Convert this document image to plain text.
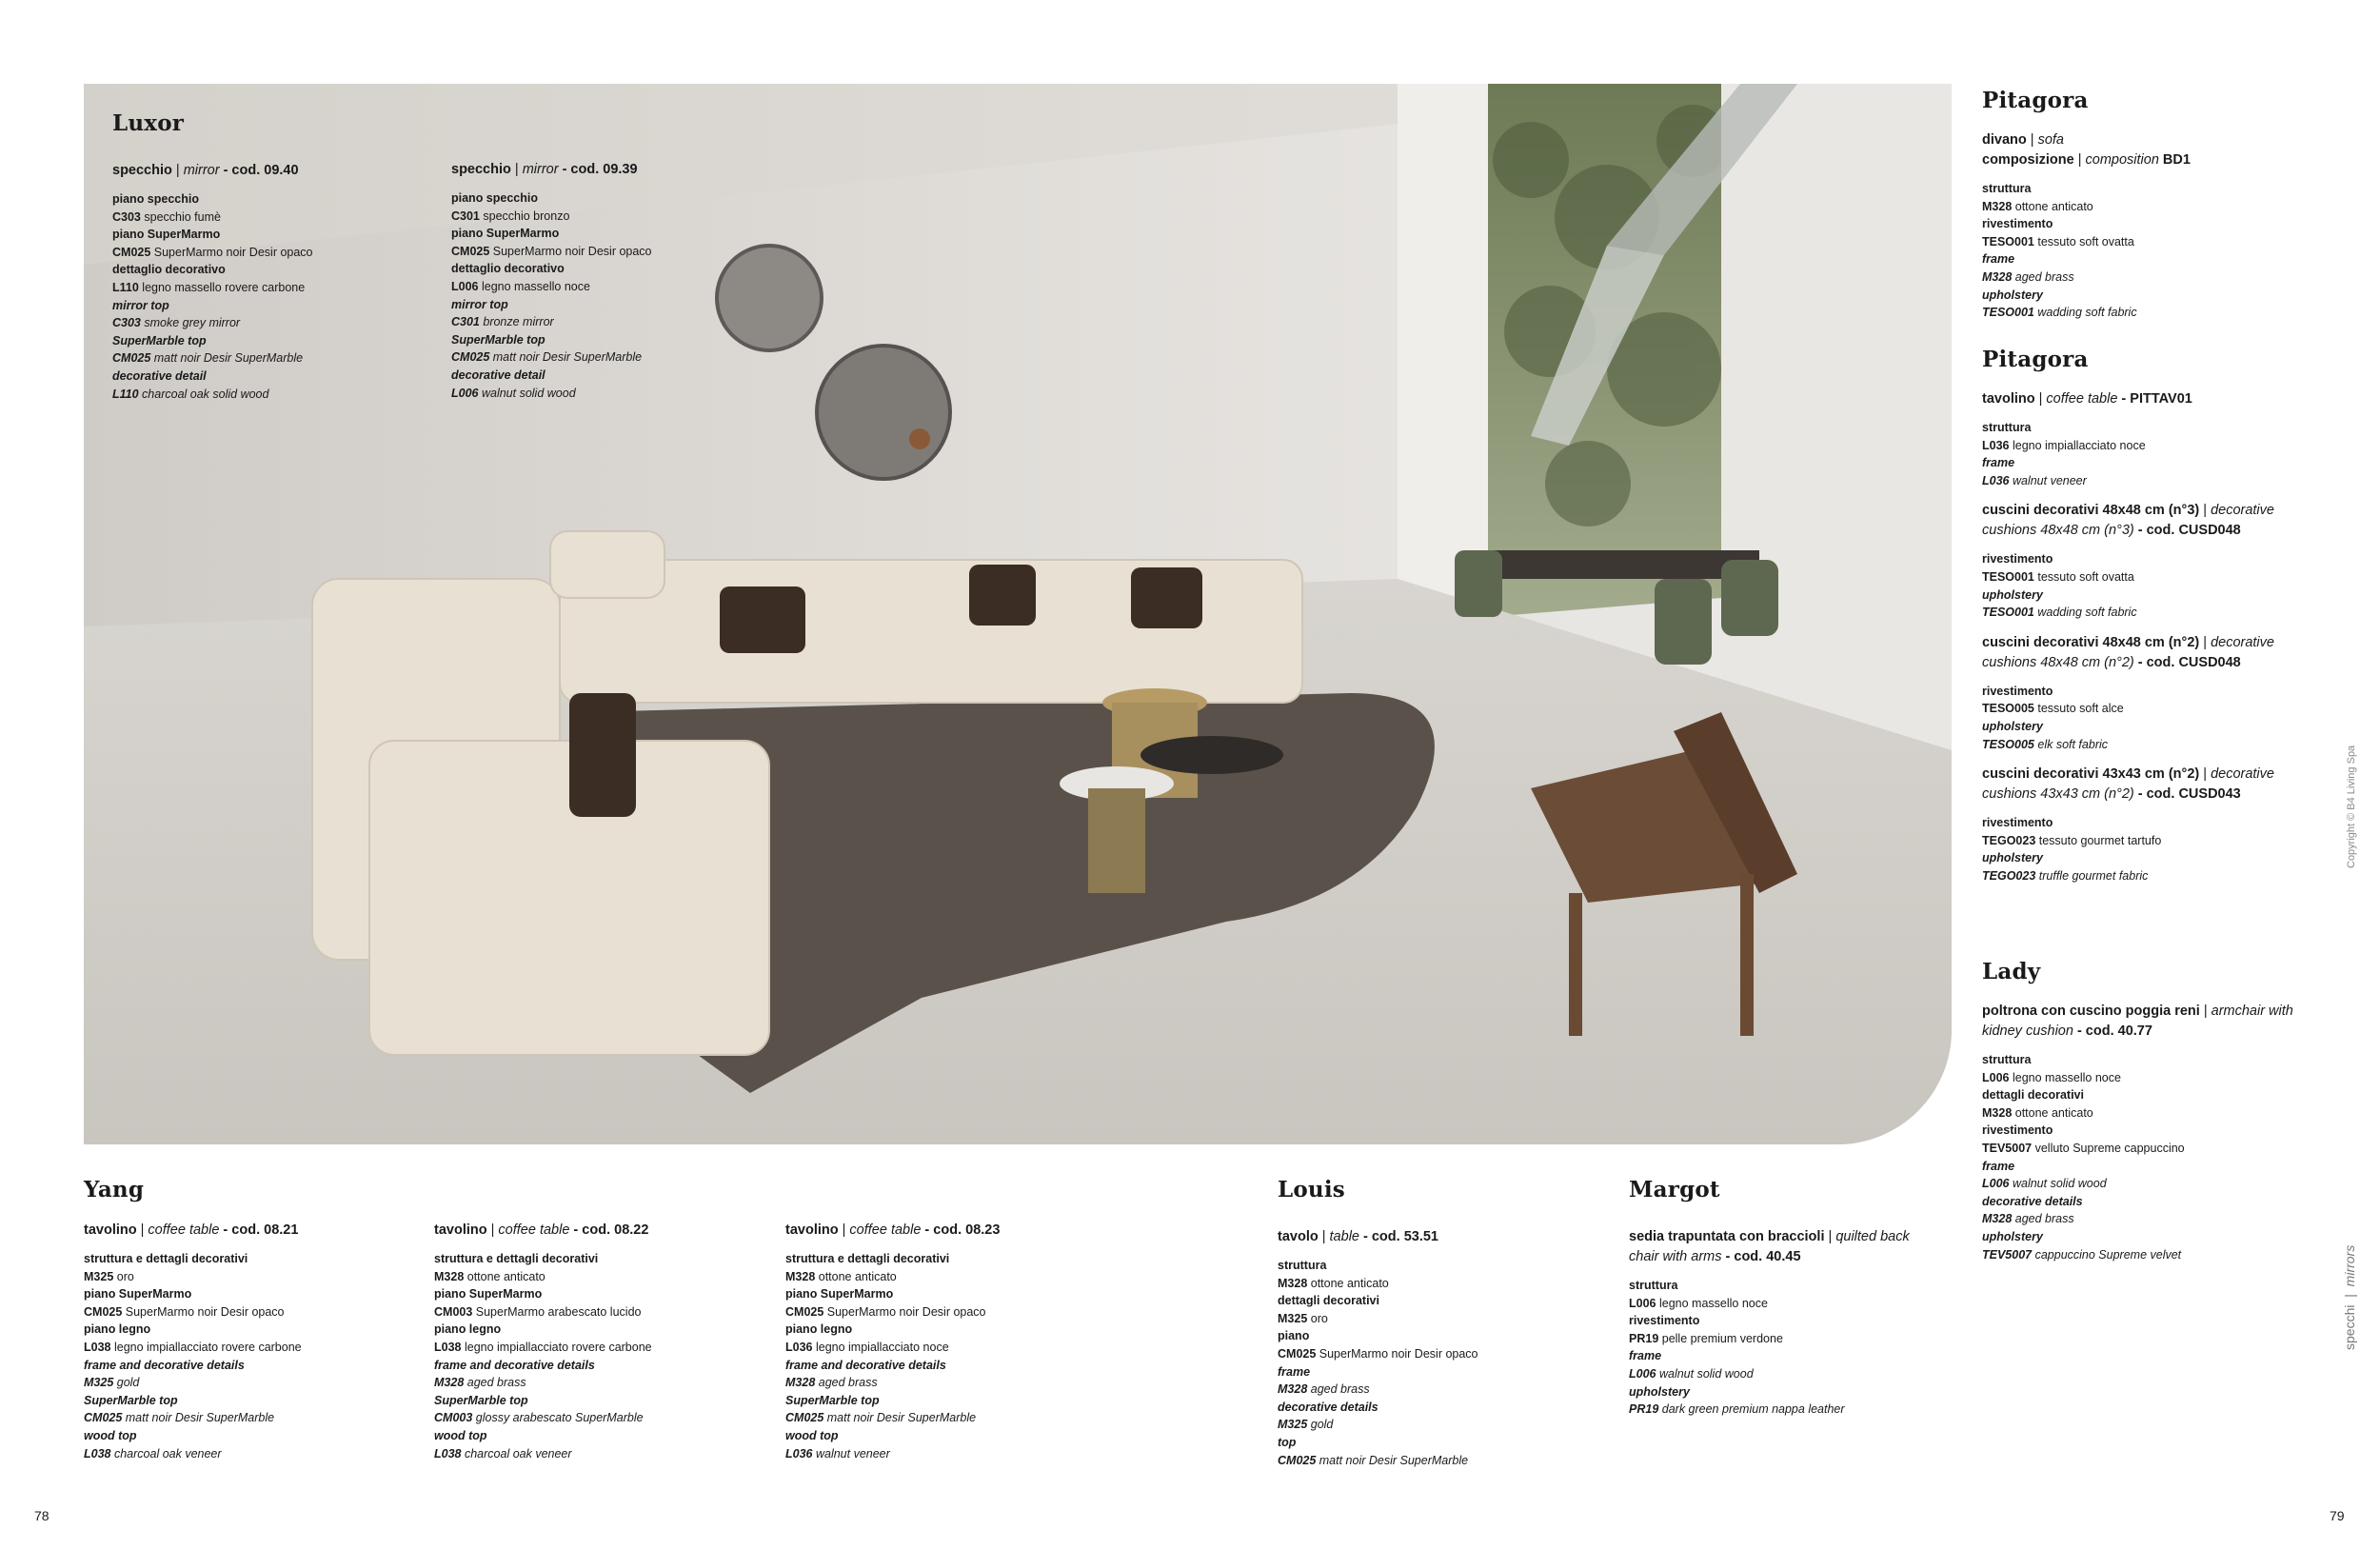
Luxor
specchio | mirror - cod. 09.40
piano specchio
C303 specchio fumè
piano SuperMarmo
CM025 SuperMarmo noir Desir opaco
dettaglio decorativo
L110 legno massello rovere carbone
mirror top
C303 smoke grey mirror
SuperMarble top
CM025 matt noir Desir SuperMarble
decorative detail
L110 charcoal oak solid wood
specchio | mirror - cod. 09.39
piano specchio
C301 specchio bronzo
piano SuperMarmo
CM025 SuperMarmo noir Desir opaco
dettaglio decorativo
L006 legno massello noce
mirror top
C301 bronze mirror
SuperMarble top
CM025 matt noir Desir SuperMarble
decorative detail
L006 walnut solid wood
Yang
tavolino | coffee table - cod. 08.21
struttura e dettagli decorativi
M325 oro
piano SuperMarmo
CM025 SuperMarmo noir Desir opaco
piano legno
L038 legno impiallacciato rovere carbone
frame and decorative details
M325 gold
SuperMarble top
CM025 matt noir Desir SuperMarble
wood top
L038 charcoal oak veneer
tavolino | coffee table - cod. 08.22
struttura e dettagli decorativi
M328 ottone anticato
piano SuperMarmo
CM003 SuperMarmo arabescato lucido
piano legno
L038 legno impiallacciato rovere carbone
frame and decorative details
M328 aged brass
SuperMarble top
CM003 glossy arabescato SuperMarble
wood top
L038 charcoal oak veneer
tavolino | coffee table - cod. 08.23
struttura e dettagli decorativi
M328 ottone anticato
piano SuperMarmo
CM025 SuperMarmo noir Desir opaco
piano legno
L036 legno impiallacciato noce
frame and decorative details
M328 aged brass
SuperMarble top
CM025 matt noir Desir SuperMarble
wood top
L036 walnut veneer
Louis
tavolo | table - cod. 53.51
struttura
M328 ottone anticato
dettagli decorativi
M325 oro
piano
CM025 SuperMarmo noir Desir opaco
frame
M328 aged brass
decorative details
M325 gold
top
CM025 matt noir Desir SuperMarble
Margot
sedia trapuntata con braccioli | quilted back chair with arms - cod. 40.45
struttura
L006 legno massello noce
rivestimento
PR19 pelle premium verdone
frame
L006 walnut solid wood
upholstery
PR19 dark green premium nappa leather
Pitagora
divano | sofa
composizione | composition BD1
struttura
M328 ottone anticato
rivestimento
TESO001 tessuto soft ovatta
frame
M328 aged brass
upholstery
TESO001 wadding soft fabric
Pitagora
tavolino | coffee table - PITTAV01
struttura
L036 legno impiallacciato noce
frame
L036 walnut veneer
cuscini decorativi 48x48 cm (n°3) | decorative cushions 48x48 cm (n°3) - cod. CUSD048
rivestimento
TESO001 tessuto soft ovatta
upholstery
TESO001 wadding soft fabric
cuscini decorativi 48x48 cm (n°2) | decorative cushions 48x48 cm (n°2) - cod. CUSD048
rivestimento
TESO005 tessuto soft alce
upholstery
TESO005 elk soft fabric
cuscini decorativi 43x43 cm (n°2) | decorative cushions 43x43 cm (n°2) - cod. CUSD043
rivestimento
TEGO023 tessuto gourmet tartufo
upholstery
TEGO023 truffle gourmet fabric
Lady
poltrona con cuscino poggia reni | armchair with kidney cushion - cod. 40.77
struttura
L006 legno massello noce
dettagli decorativi
M328 ottone anticato
rivestimento
TEV5007 velluto Supreme cappuccino
frame
L006 walnut solid wood
decorative details
M328 aged brass
upholstery
TEV5007 cappuccino Supreme velvet
78	79
Copyright © B4 Living Spa
specchi  |  mirrors
